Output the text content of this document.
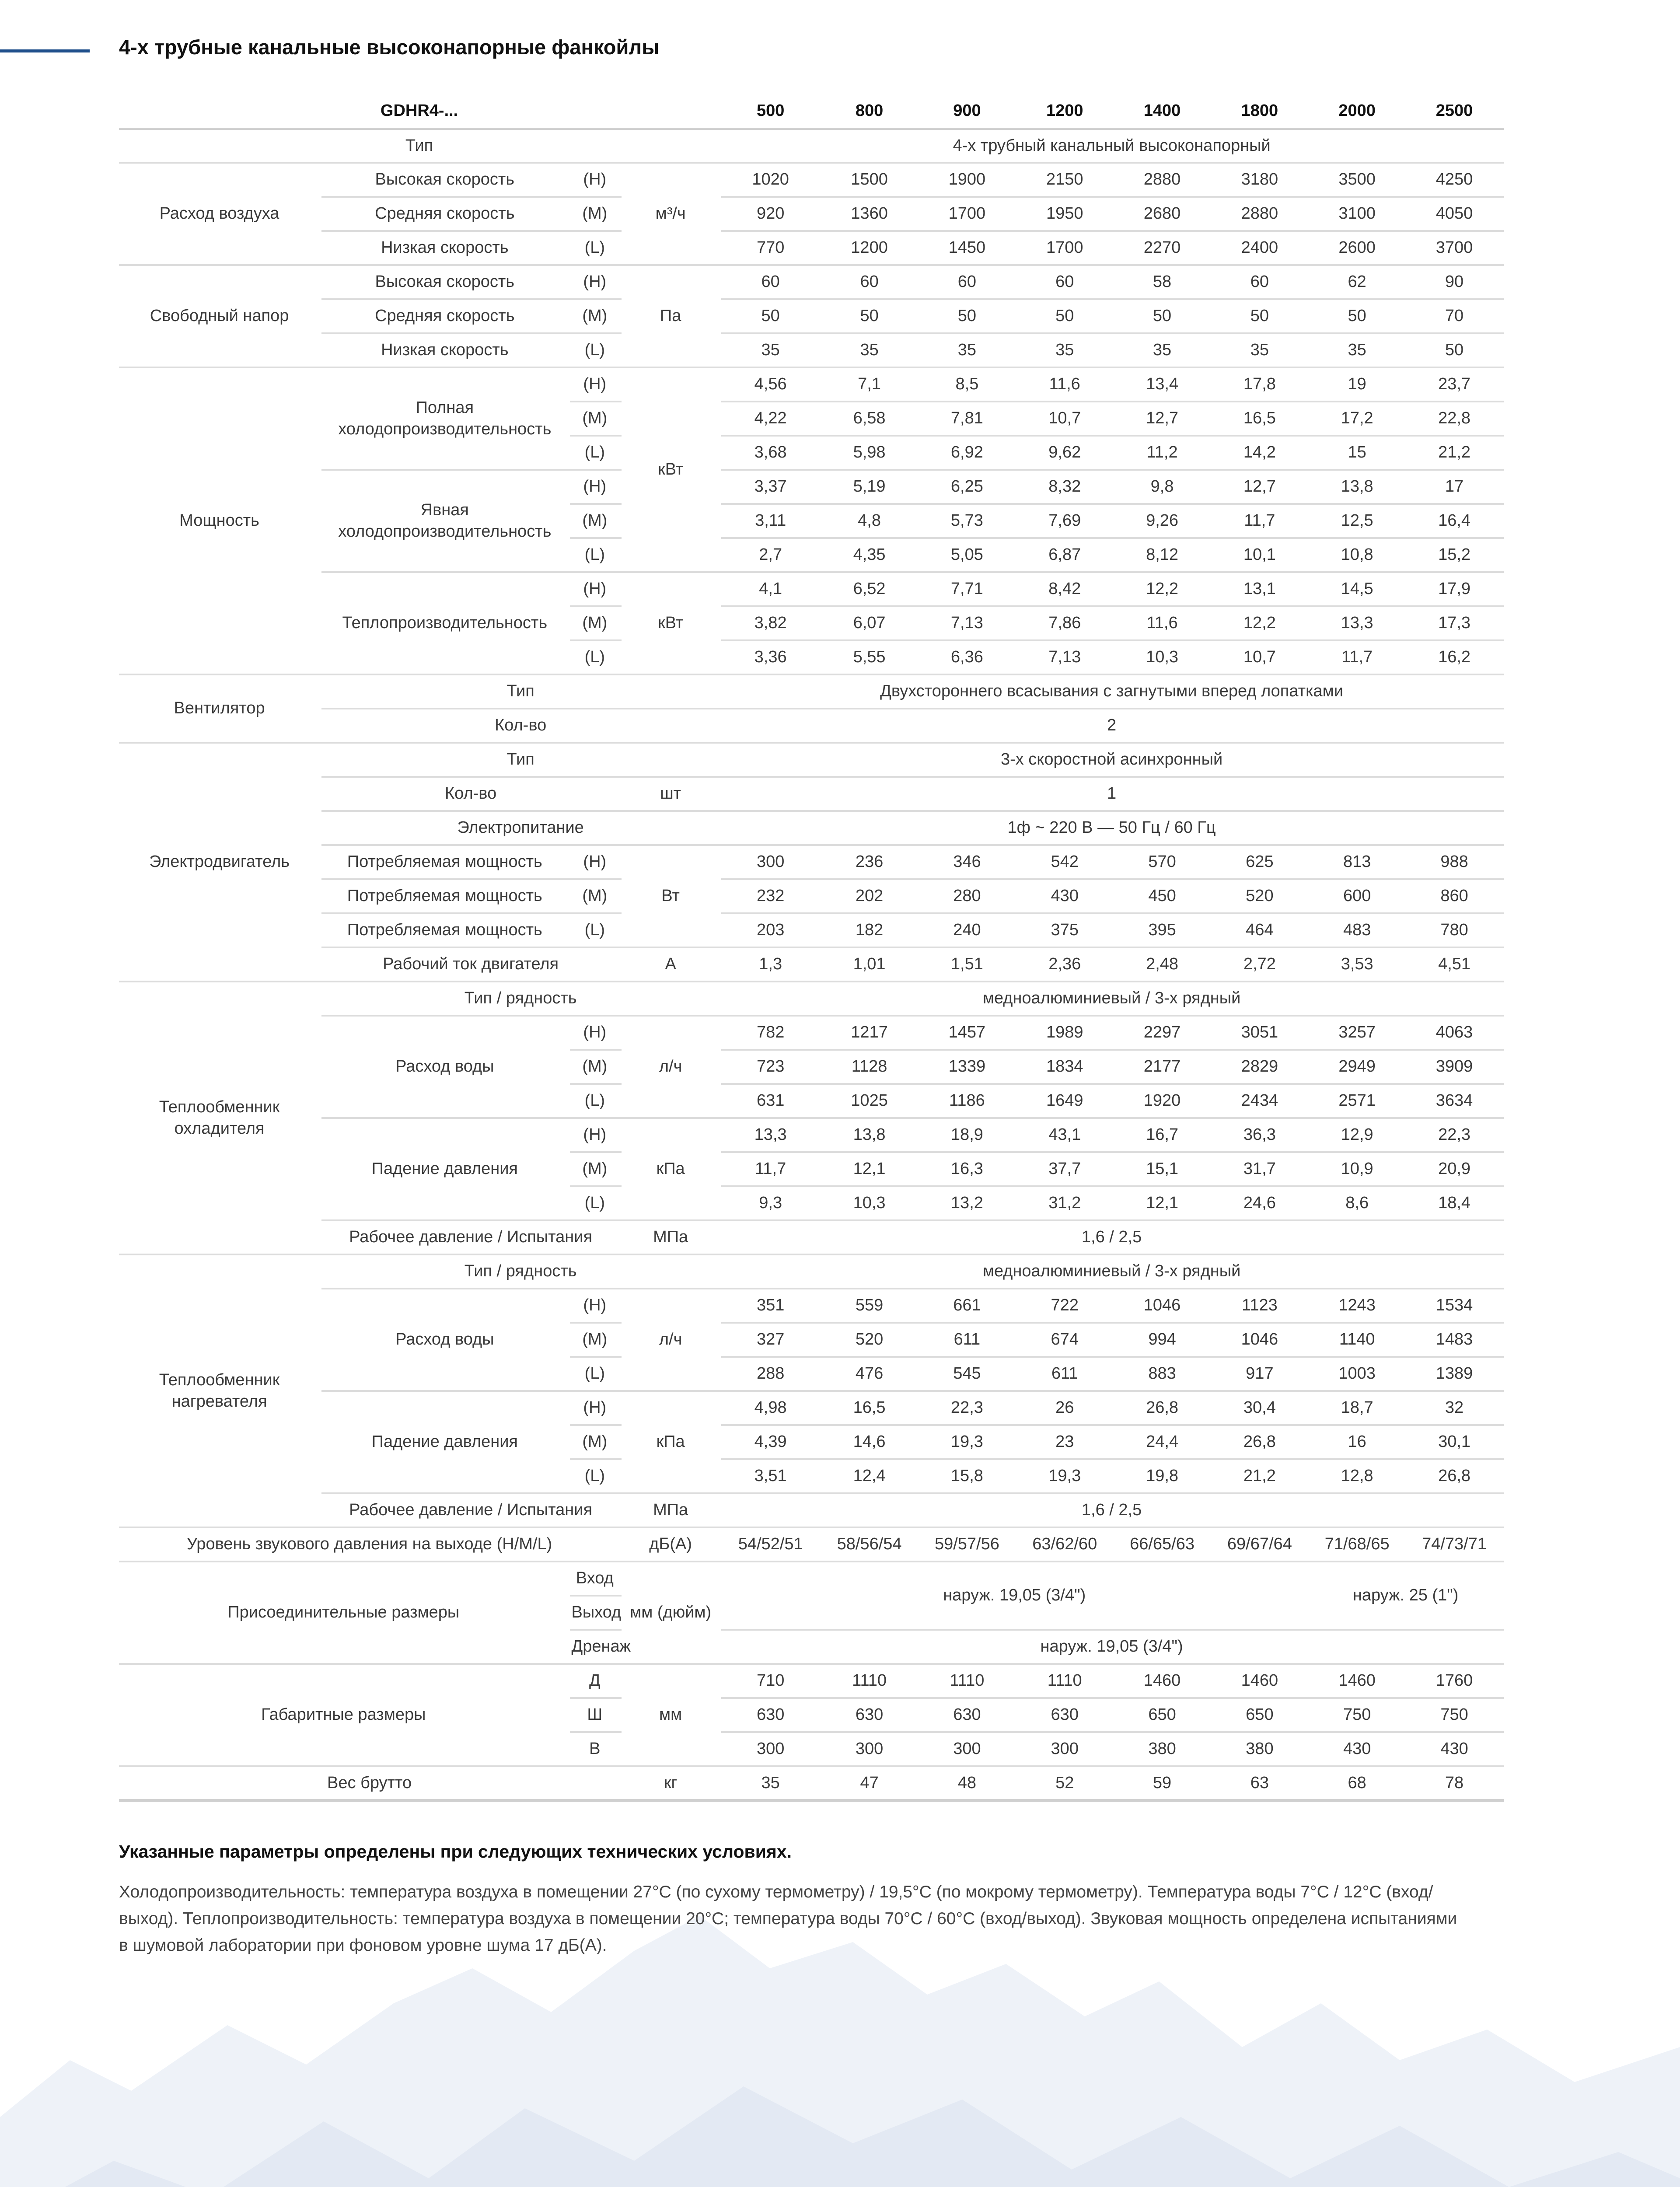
4-х трубные канальные высоконапорные фанкойлы
GDHR4-...				500	800	900	1200	1400	1800	2000	2500
Тип				4-х трубный канальный высоконапорный							
Расход воздуха	Высокая скорость	(H)	м³/ч	1020	1500	1900	2150	2880	3180	3500	4250
	Средняя скорость	(M)		920	1360	1700	1950	2680	2880	3100	4050
	Низкая скорость	(L)		770	1200	1450	1700	2270	2400	2600	3700
Свободный напор	Высокая скорость	(H)	Па	60	60	60	60	58	60	62	90
	Средняя скорость	(M)		50	50	50	50	50	50	50	70
	Низкая скорость	(L)		35	35	35	35	35	35	35	50
Мощность	Полная холодопроизводительность	(H)	кВт	4,56	7,1	8,5	11,6	13,4	17,8	19	23,7
		(M)		4,22	6,58	7,81	10,7	12,7	16,5	17,2	22,8
		(L)		3,68	5,98	6,92	9,62	11,2	14,2	15	21,2
	Явная холодопроизводительность	(H)		3,37	5,19	6,25	8,32	9,8	12,7	13,8	17
		(M)		3,11	4,8	5,73	7,69	9,26	11,7	12,5	16,4
		(L)		2,7	4,35	5,05	6,87	8,12	10,1	10,8	15,2
	Теплопроизводительность	(H)	кВт	4,1	6,52	7,71	8,42	12,2	13,1	14,5	17,9
		(M)		3,82	6,07	7,13	7,86	11,6	12,2	13,3	17,3
		(L)		3,36	5,55	6,36	7,13	10,3	10,7	11,7	16,2
Вентилятор	Тип			Двухстороннего всасывания с загнутыми вперед лопатками							
	Кол-во			2							
Электродвигатель	Тип			3-х скоростной асинхронный							
	Кол-во		шт	1							
	Электропитание			1ф ~ 220 В — 50 Гц / 60 Гц							
	Потребляемая мощность	(H)	Вт	300	236	346	542	570	625	813	988
	Потребляемая мощность	(M)		232	202	280	430	450	520	600	860
	Потребляемая мощность	(L)		203	182	240	375	395	464	483	780
	Рабочий ток двигателя		A	1,3	1,01	1,51	2,36	2,48	2,72	3,53	4,51
Теплообменник охладителя	Тип / рядность			медноалюминиевый / 3-х рядный							
	Расход воды	(H)	л/ч	782	1217	1457	1989	2297	3051	3257	4063
		(M)		723	1128	1339	1834	2177	2829	2949	3909
		(L)		631	1025	1186	1649	1920	2434	2571	3634
	Падение давления	(H)	кПа	13,3	13,8	18,9	43,1	16,7	36,3	12,9	22,3
		(M)		11,7	12,1	16,3	37,7	15,1	31,7	10,9	20,9
		(L)		9,3	10,3	13,2	31,2	12,1	24,6	8,6	18,4
	Рабочее давление / Испытания		МПа	1,6 / 2,5							
Теплообменник нагревателя	Тип / рядность			медноалюминиевый / 3-х рядный							
	Расход воды	(H)	л/ч	351	559	661	722	1046	1123	1243	1534
		(M)		327	520	611	674	994	1046	1140	1483
		(L)		288	476	545	611	883	917	1003	1389
	Падение давления	(H)	кПа	4,98	16,5	22,3	26	26,8	30,4	18,7	32
		(M)		4,39	14,6	19,3	23	24,4	26,8	16	30,1
		(L)		3,51	12,4	15,8	19,3	19,8	21,2	12,8	26,8
	Рабочее давление / Испытания		МПа	1,6 / 2,5							
Уровень звукового давления на выходе (H/M/L)			дБ(А)	54/52/51	58/56/54	59/57/56	63/62/60	66/65/63	69/67/64	71/68/65	74/73/71
Присоединительные размеры		Вход	мм (дюйм)	наруж. 19,05 (3/4")						наруж. 25 (1")	
		Выход									
		Дренаж		наруж. 19,05 (3/4")							
Габаритные размеры		Д	мм	710	1110	1110	1110	1460	1460	1460	1760
		Ш		630	630	630	630	650	650	750	750
		В		300	300	300	300	380	380	430	430
Вес брутто			кг	35	47	48	52	59	63	68	78
Указанные параметры определены при следующих технических условиях.
Холодопроизводительность: температура воздуха в помещении 27°С (по сухому термометру) / 19,5°С (по мокрому термометру). Температура воды 7°С / 12°С (вход/выход). Теплопроизводительность: температура воздуха в помещении 20°С; температура воды 70°С / 60°С (вход/выход). Звуковая мощность определена испытаниями в шумовой лаборатории при фоновом уровне шума 17 дБ(А).
